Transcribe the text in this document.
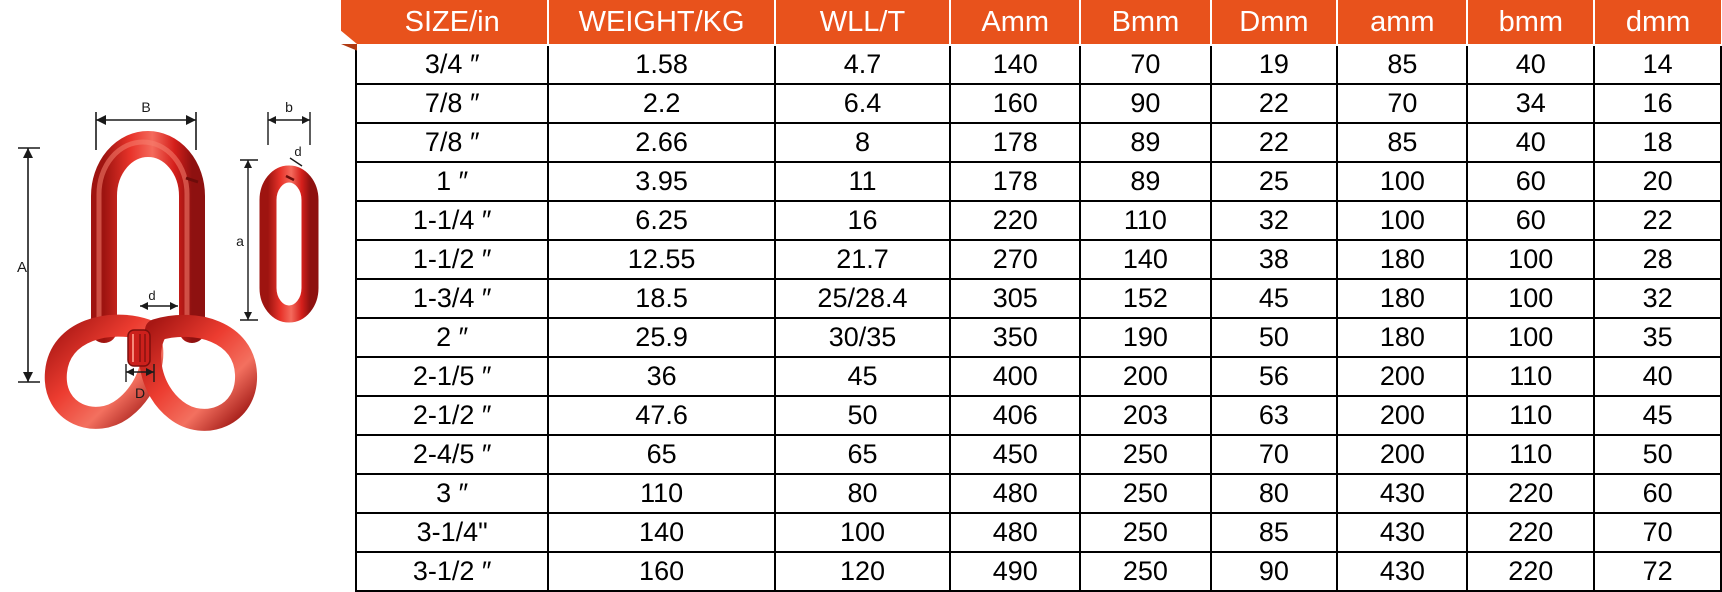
A
B

d
D
b
a
d
SIZE/in	WEIGHT/KG	WLL/T	Amm	Bmm	Dmm	amm	bmm	dmm
3/4 ″	1.58	4.7	140	70	19	85	40	14
7/8 ″	2.2	6.4	160	90	22	70	34	16
7/8 ″	2.66	8	178	89	22	85	40	18
1 ″	3.95	11	178	89	25	100	60	20
1-1/4 ″	6.25	16	220	110	32	100	60	22
1-1/2 ″	12.55	21.7	270	140	38	180	100	28
1-3/4 ″	18.5	25/28.4	305	152	45	180	100	32
2 ″	25.9	30/35	350	190	50	180	100	35
2-1/5 ″	36	45	400	200	56	200	110	40
2-1/2 ″	47.6	50	406	203	63	200	110	45
2-4/5 ″	65	65	450	250	70	200	110	50
3 ″	110	80	480	250	80	430	220	60
3-1/4"	140	100	480	250	85	430	220	70
3-1/2 ″	160	120	490	250	90	430	220	72
